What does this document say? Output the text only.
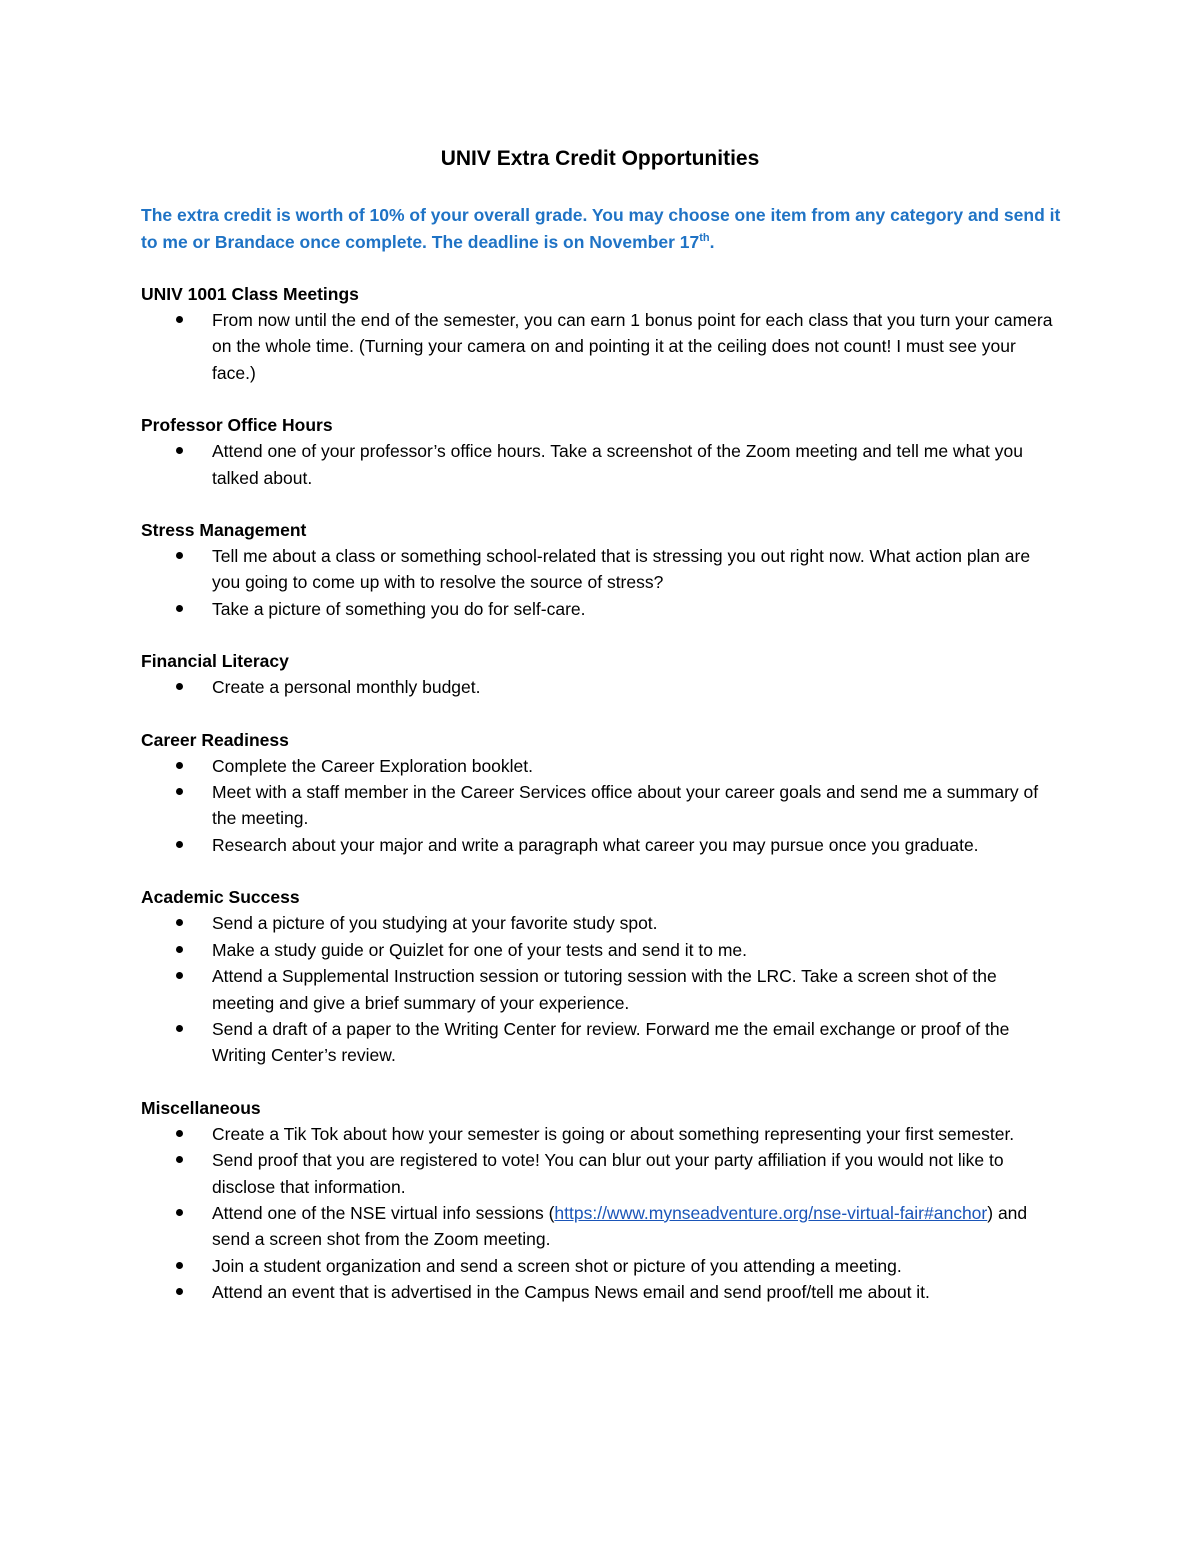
UNIV Extra Credit Opportunities
The extra credit is worth of 10% of your overall grade. You may choose one item from any category and send it to me or Brandace once complete. The deadline is on November 17th.
UNIV 1001 Class Meetings
From now until the end of the semester, you can earn 1 bonus point for each class that you turn your camera on the whole time. (Turning your camera on and pointing it at the ceiling does not count! I must see your face.)
Professor Office Hours
Attend one of your professor’s office hours. Take a screenshot of the Zoom meeting and tell me what you talked about.
Stress Management
Tell me about a class or something school-related that is stressing you out right now. What action plan are you going to come up with to resolve the source of stress?
Take a picture of something you do for self-care.
Financial Literacy
Create a personal monthly budget.
Career Readiness
Complete the Career Exploration booklet.
Meet with a staff member in the Career Services office about your career goals and send me a summary of the meeting.
Research about your major and write a paragraph what career you may pursue once you graduate.
Academic Success
Send a picture of you studying at your favorite study spot.
Make a study guide or Quizlet for one of your tests and send it to me.
Attend a Supplemental Instruction session or tutoring session with the LRC. Take a screen shot of the meeting and give a brief summary of your experience.
Send a draft of a paper to the Writing Center for review. Forward me the email exchange or proof of the Writing Center’s review.
Miscellaneous
Create a Tik Tok about how your semester is going or about something representing your first semester.
Send proof that you are registered to vote! You can blur out your party affiliation if you would not like to disclose that information.
Attend one of the NSE virtual info sessions (https://www.mynseadventure.org/nse-virtual-fair#anchor) and send a screen shot from the Zoom meeting.
Join a student organization and send a screen shot or picture of you attending a meeting.
Attend an event that is advertised in the Campus News email and send proof/tell me about it.
